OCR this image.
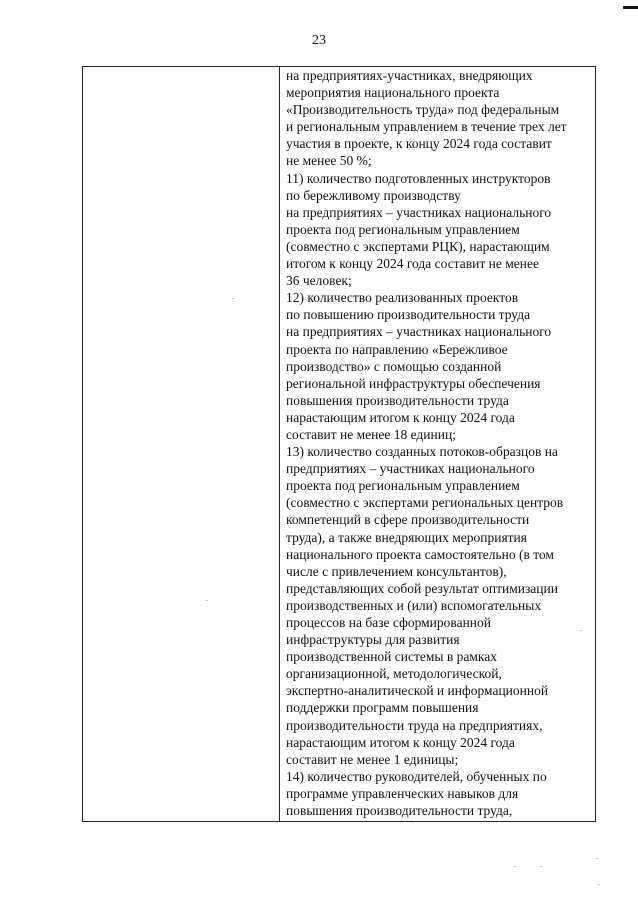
23
на предприятиях-участниках, внедряющих
мероприятия национального проекта
«Производительность труда» под федеральным
и региональным управлением в течение трех лет
участия в проекте, к концу 2024 года составит
не менее 50 %;
11) количество подготовленных инструкторов
по бережливому производству
на предприятиях – участниках национального
проекта под региональным управлением
(совместно с экспертами РЦК), нарастающим
итогом к концу 2024 года составит не менее
36 человек;
12) количество реализованных проектов
по повышению производительности труда
на предприятиях – участниках национального
проекта по направлению «Бережливое
производство» с помощью созданной
региональной инфраструктуры обеспечения
повышения производительности труда
нарастающим итогом к концу 2024 года
составит не менее 18 единиц;
13) количество созданных потоков-образцов на
предприятиях – участниках национального
проекта под региональным управлением
(совместно с экспертами региональных центров
компетенций в сфере производительности
труда), а также внедряющих мероприятия
национального проекта самостоятельно (в том
числе с привлечением консультантов),
представляющих собой результат оптимизации
производственных и (или) вспомогательных
процессов на базе сформированной
инфраструктуры для развития
производственной системы в рамках
организационной, методологической,
экспертно-аналитической и информационной
поддержки программ повышения
производительности труда на предприятиях,
нарастающим итогом к концу 2024 года
составит не менее 1 единицы;
14) количество руководителей, обученных по
программе управленческих навыков для
повышения производительности труда,
